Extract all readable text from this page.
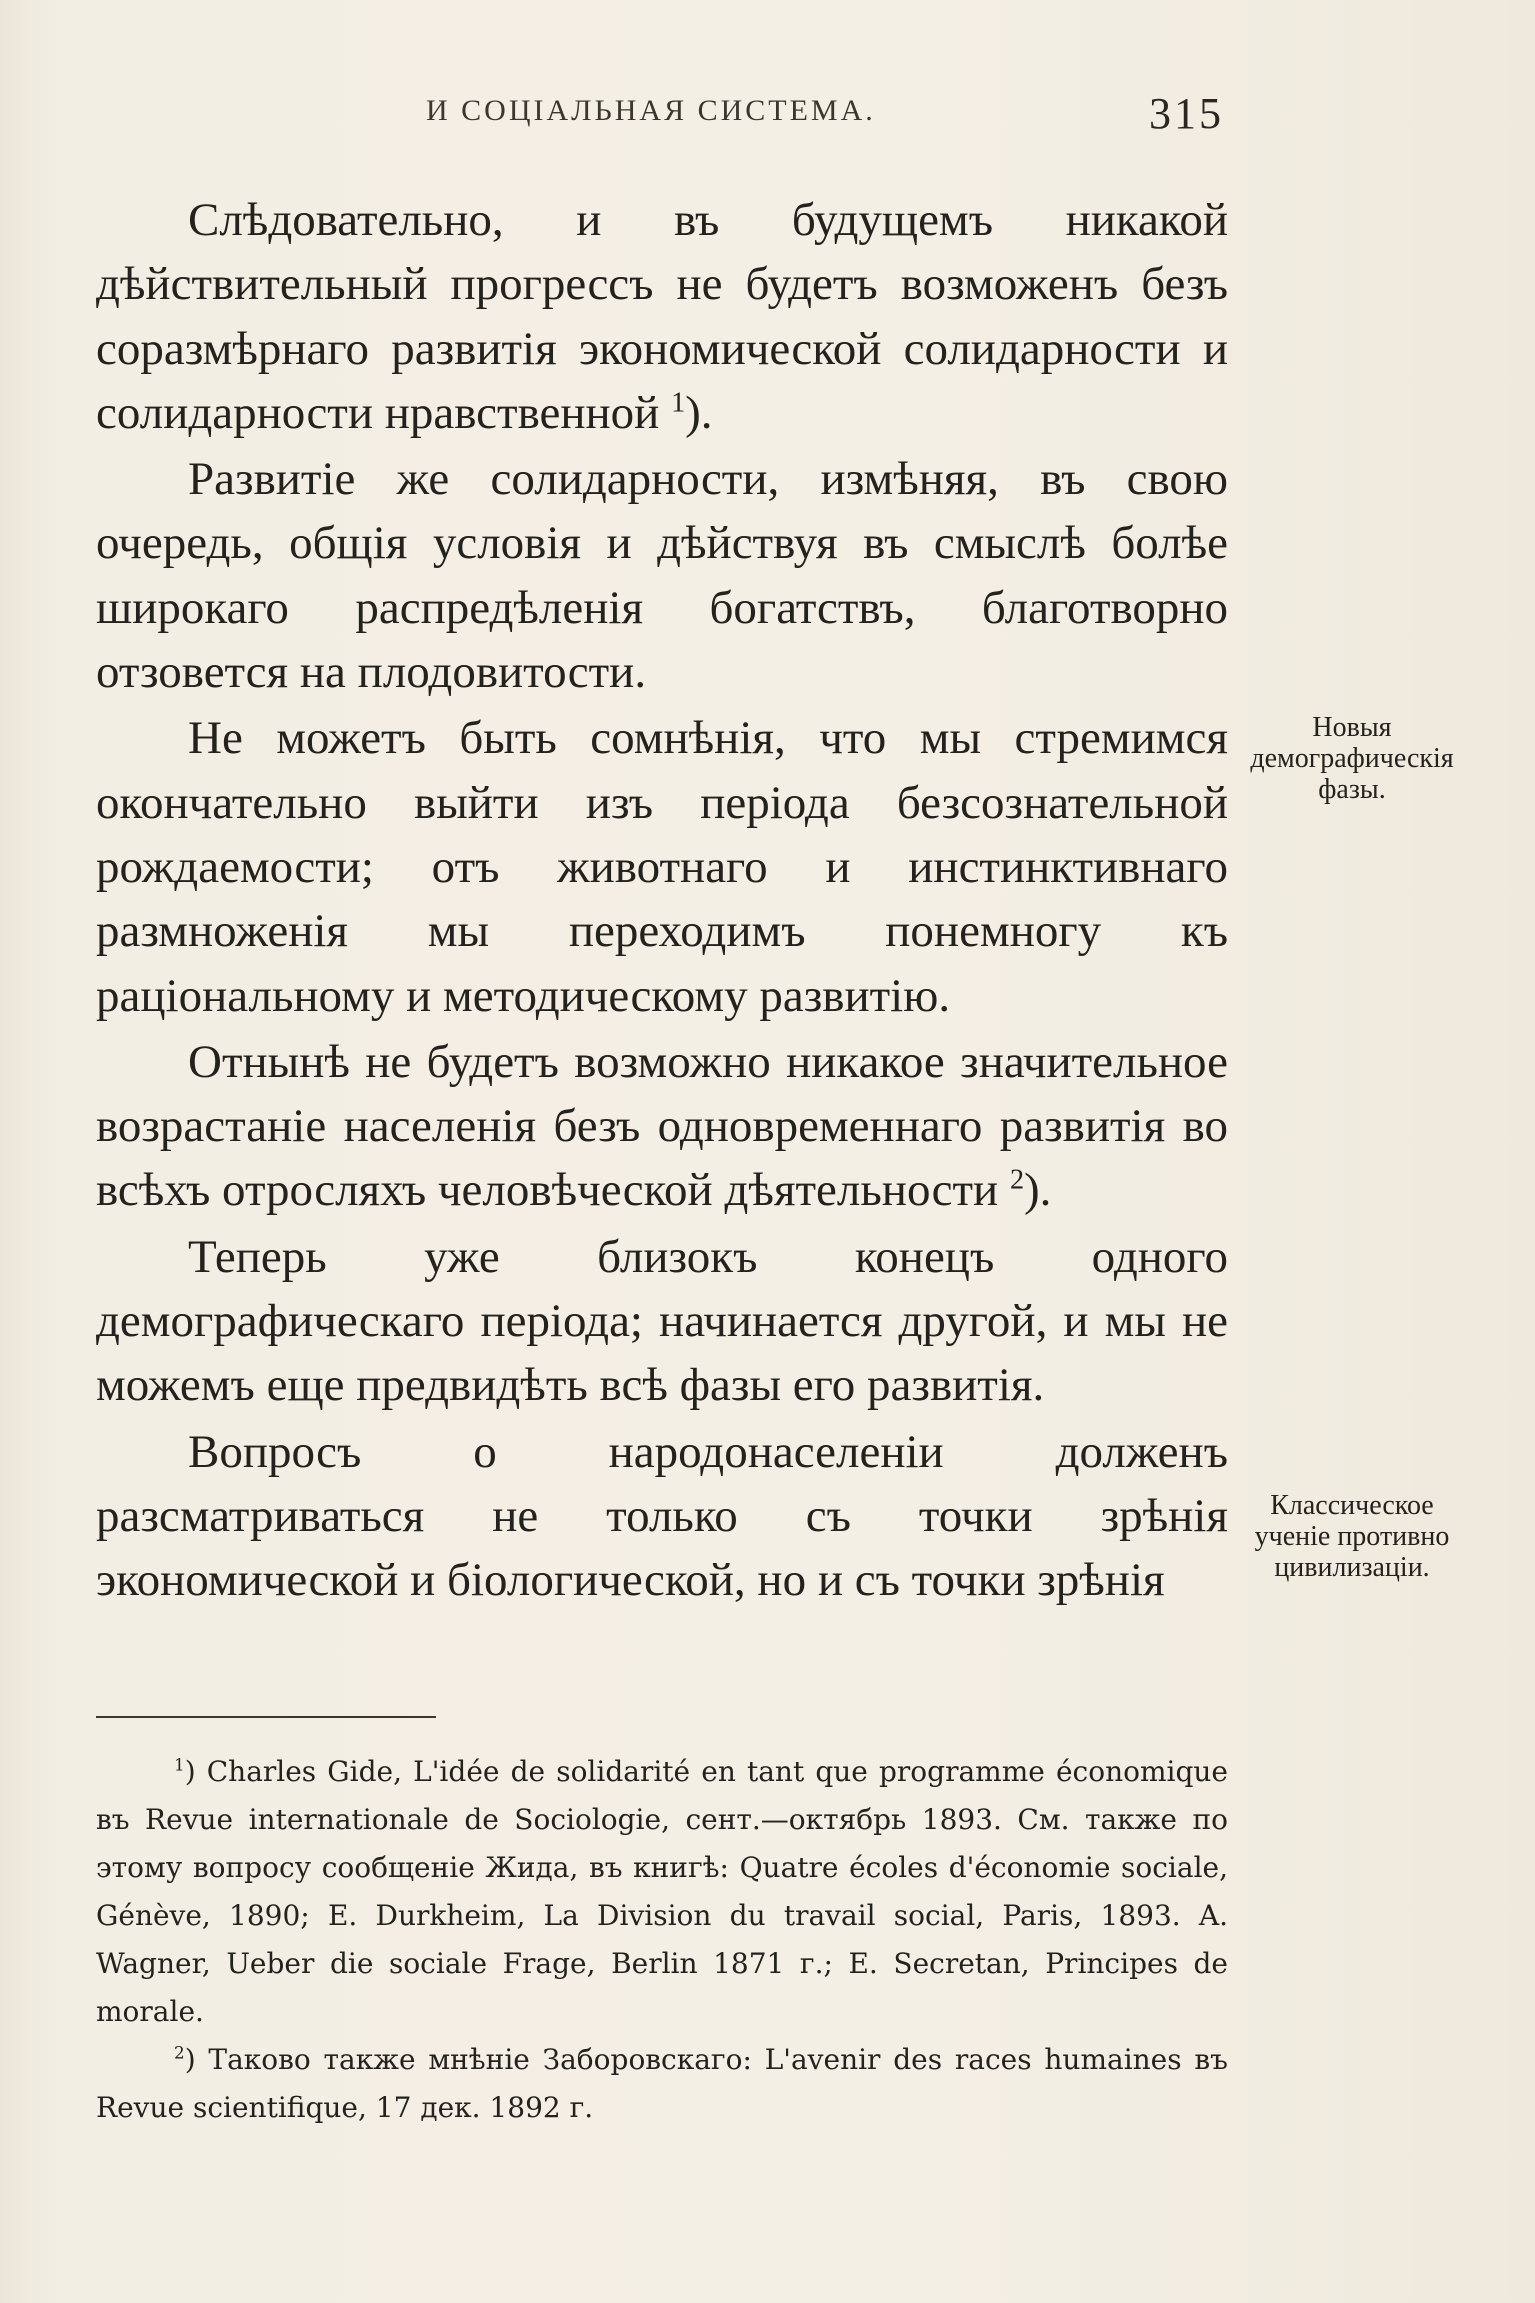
И СОЦІАЛЬНАЯ СИСТЕМА.	315

Слѣдовательно, и въ будущемъ никакой дѣйствительный прогрессъ не будетъ возможенъ безъ соразмѣрнаго развитія экономической солидарности и солидарности нравственной $^1$).

Развитіе же солидарности, измѣняя, въ свою очередь, общія условія и дѣйствуя въ смыслѣ болѣе широкаго распредѣленія богатствъ, благотворно отзовется на плодовитости.

Не можетъ быть сомнѣнія, что мы стремимся окончательно выйти изъ періода безсознательной рождаемости; отъ животнаго и инстинктивнаго размноженія мы переходимъ понемногу къ раціональному и методическому развитію.

Отнынѣ не будетъ возможно никакое значительное возрастаніе населенія безъ одновременнаго развитія во всѣхъ отросляхъ человѣческой дѣятельности $^2$).

Теперь уже близокъ конецъ одного демографическаго періода; начинается другой, и мы не можемъ еще предвидѣть всѣ фазы его развитія.

Вопросъ о народонаселеніи долженъ разсматриваться не только съ точки зрѣнія экономической и біологической, но и съ точки зрѣнія

Новыя демографическія фазы.
Классическое ученіе противно цивилизаціи.

$^1$) Charles Gide, L'idée de solidarité en tant que programme économique въ Revue internationale de Sociologie, сент.—октябрь 1893. См. также по этому вопросу сообщеніе Жида, въ книгѣ: Quatre écoles d'économie sociale, Génève, 1890; E. Durkheim, La Division du travail social, Paris, 1893. A. Wagner, Ueber die sociale Frage, Berlin 1871 г.; E. Secretan, Principes de morale.

$^2$) Таково также мнѣніе Заборовскаго: L'avenir des races humaines въ Revue scientifique, 17 дек. 1892 г.
